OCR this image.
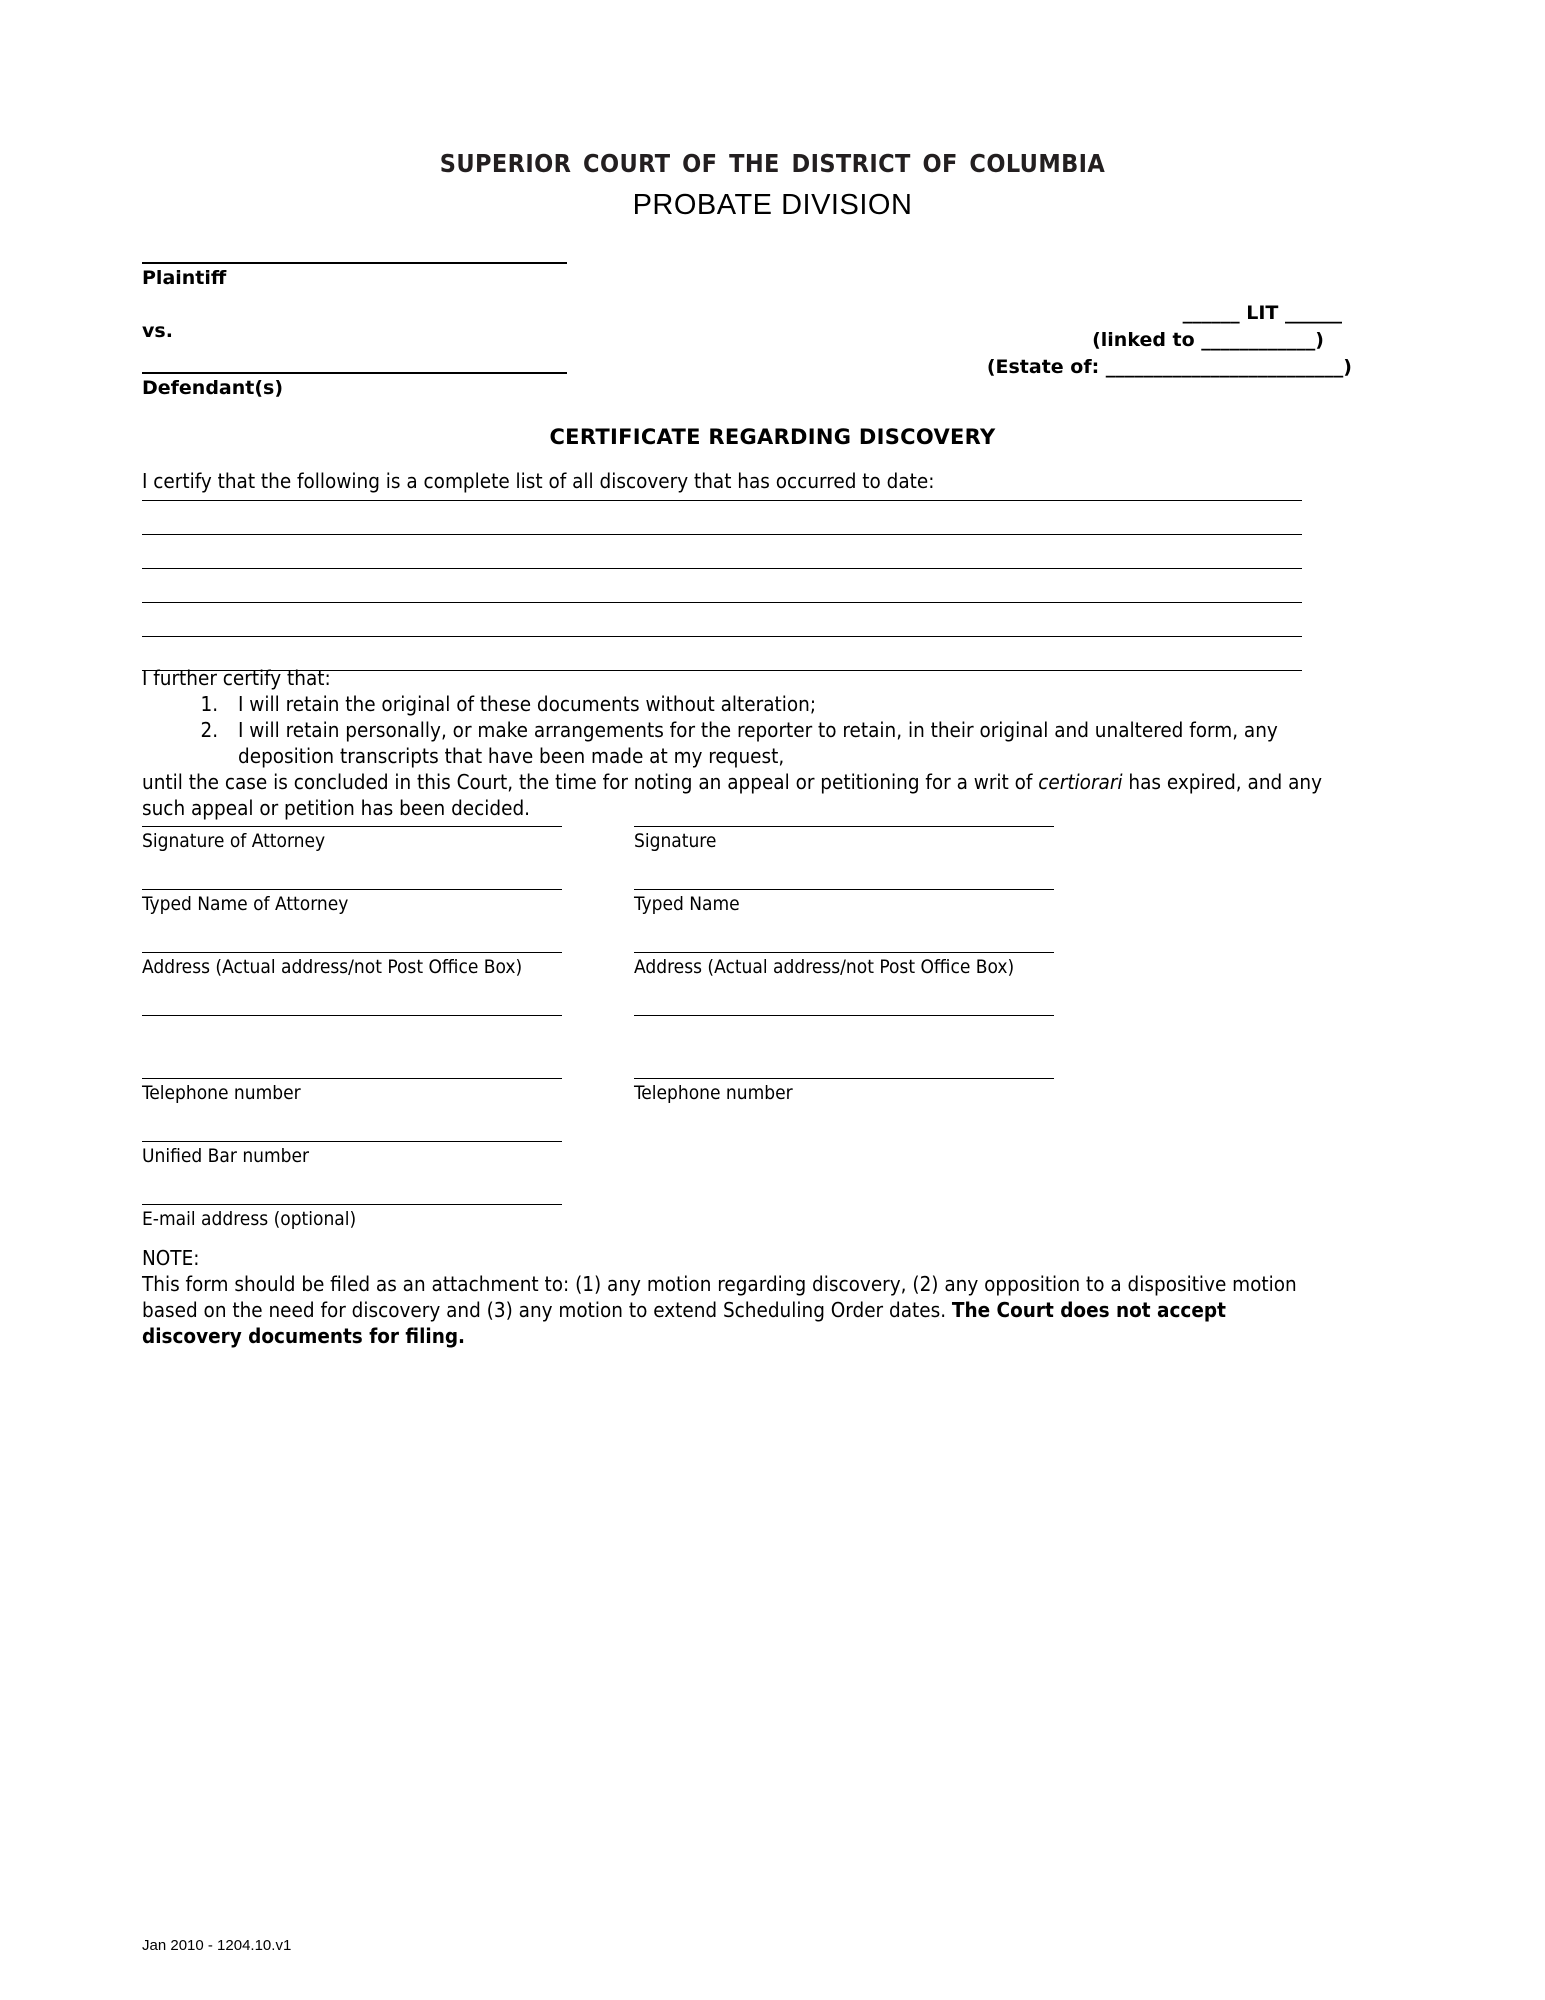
superior court of the district of columbia
PROBATE DIVISION
Plaintiff
vs.
Defendant(s)
______ LIT ______
(linked to ____________)
(Estate of: _________________________)
CERTIFICATE REGARDING DISCOVERY
I certify that the following is a complete list of all discovery that has occurred to date:
I further certify that:
1. I will retain the original of these documents without alteration;
2. I will retain personally, or make arrangements for the reporter to retain, in their original and unaltered form, any deposition transcripts that have been made at my request,
until the case is concluded in this Court, the time for noting an appeal or petitioning for a writ of certiorari has expired, and any such appeal or petition has been decided.
Signature of Attorney	Signature
Typed Name of Attorney	Typed Name
Address (Actual address/not Post Office Box)	Address (Actual address/not Post Office Box)
Telephone number	Telephone number
Unified Bar number
E-mail address (optional)
NOTE:
This form should be filed as an attachment to: (1) any motion regarding discovery, (2) any opposition to a dispositive motion based on the need for discovery and (3) any motion to extend Scheduling Order dates. The Court does not accept discovery documents for filing.
Jan 2010 - 1204.10.v1
